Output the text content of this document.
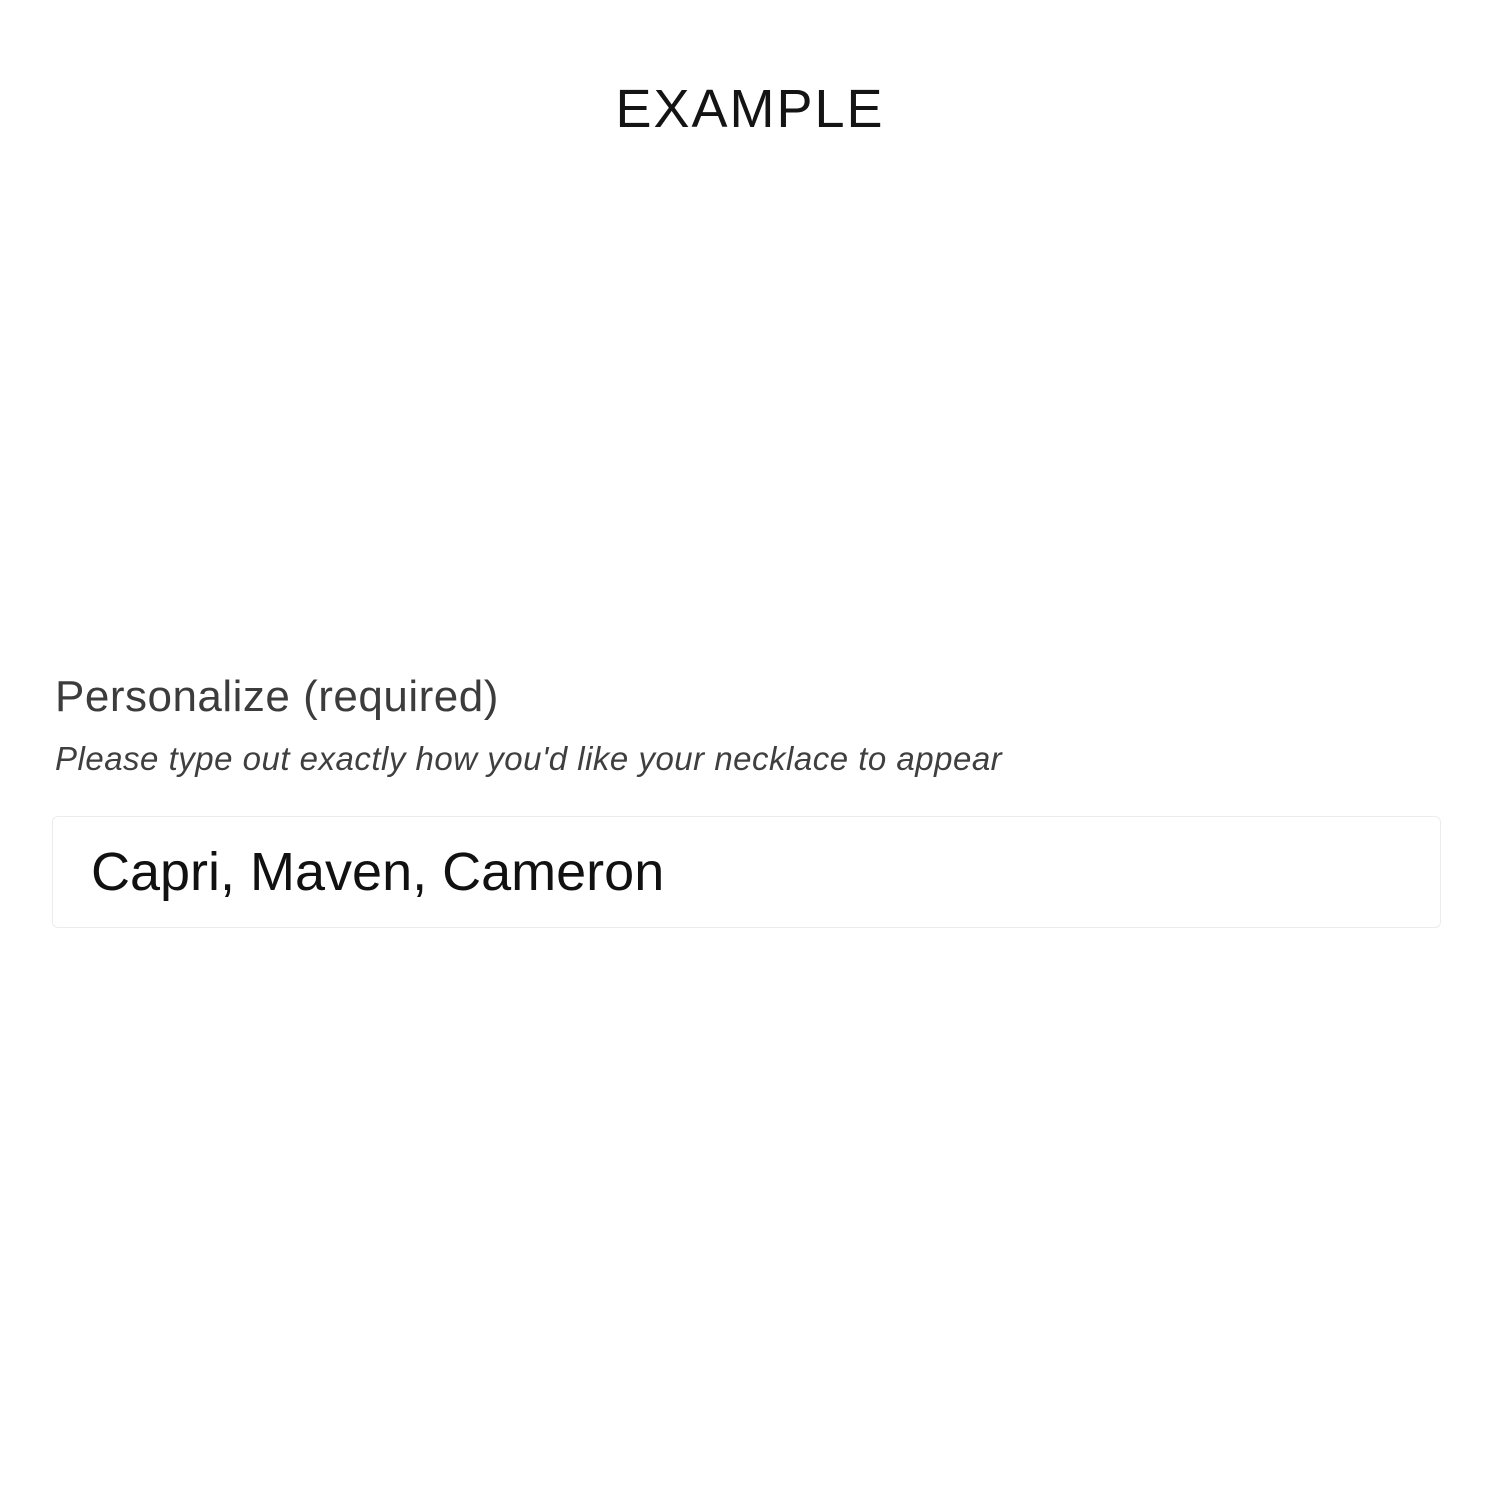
EXAMPLE
Personalize (required)
Please type out exactly how you'd like your necklace to appear
Capri, Maven, Cameron
